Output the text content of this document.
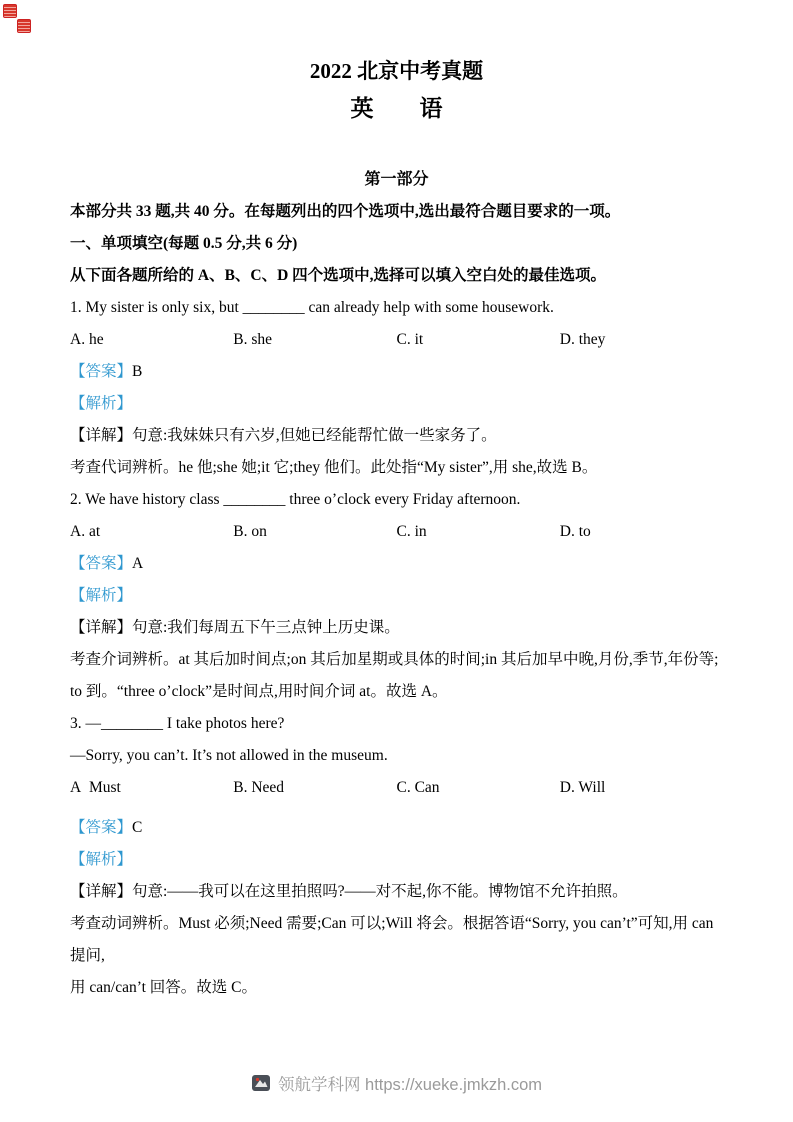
2022 北京中考真题
英　　语
第一部分

本部分共 33 题,共 40 分。在每题列出的四个选项中,选出最符合题目要求的一项。

一、单项填空(每题 0.5 分,共 6 分)

从下面各题所给的 A、B、C、D 四个选项中,选择可以填入空白处的最佳选项。

1. My sister is only six, but ________ can already help with some housework.

A. he	B. she	C. it	D. they

【答案】B

【解析】

【详解】句意:我妹妹只有六岁,但她已经能帮忙做一些家务了。

考查代词辨析。he 他;she 她;it 它;they 他们。此处指“My sister”,用 she,故选 B。

2. We have history class ________ three o’clock every Friday afternoon.

A. at	B. on	C. in	D. to

【答案】A

【解析】

【详解】句意:我们每周五下午三点钟上历史课。

考查介词辨析。at 其后加时间点;on 其后加星期或具体的时间;in 其后加早中晚,月份,季节,年份等;

to 到。“three o’clock”是时间点,用时间介词 at。故选 A。

3. —________ I take photos here?

—Sorry, you can’t. It’s not allowed in the museum.

A Must	B. Need	C. Can	D. Will

【答案】C

【解析】

【详解】句意:——我可以在这里拍照吗?——对不起,你不能。博物馆不允许拍照。

考查动词辨析。Must 必须;Need 需要;Can 可以;Will 将会。根据答语“Sorry, you can’t”可知,用 can 提问,

用 can/can’t 回答。故选 C。

领航学科网 https://xueke.jmkzh.com
